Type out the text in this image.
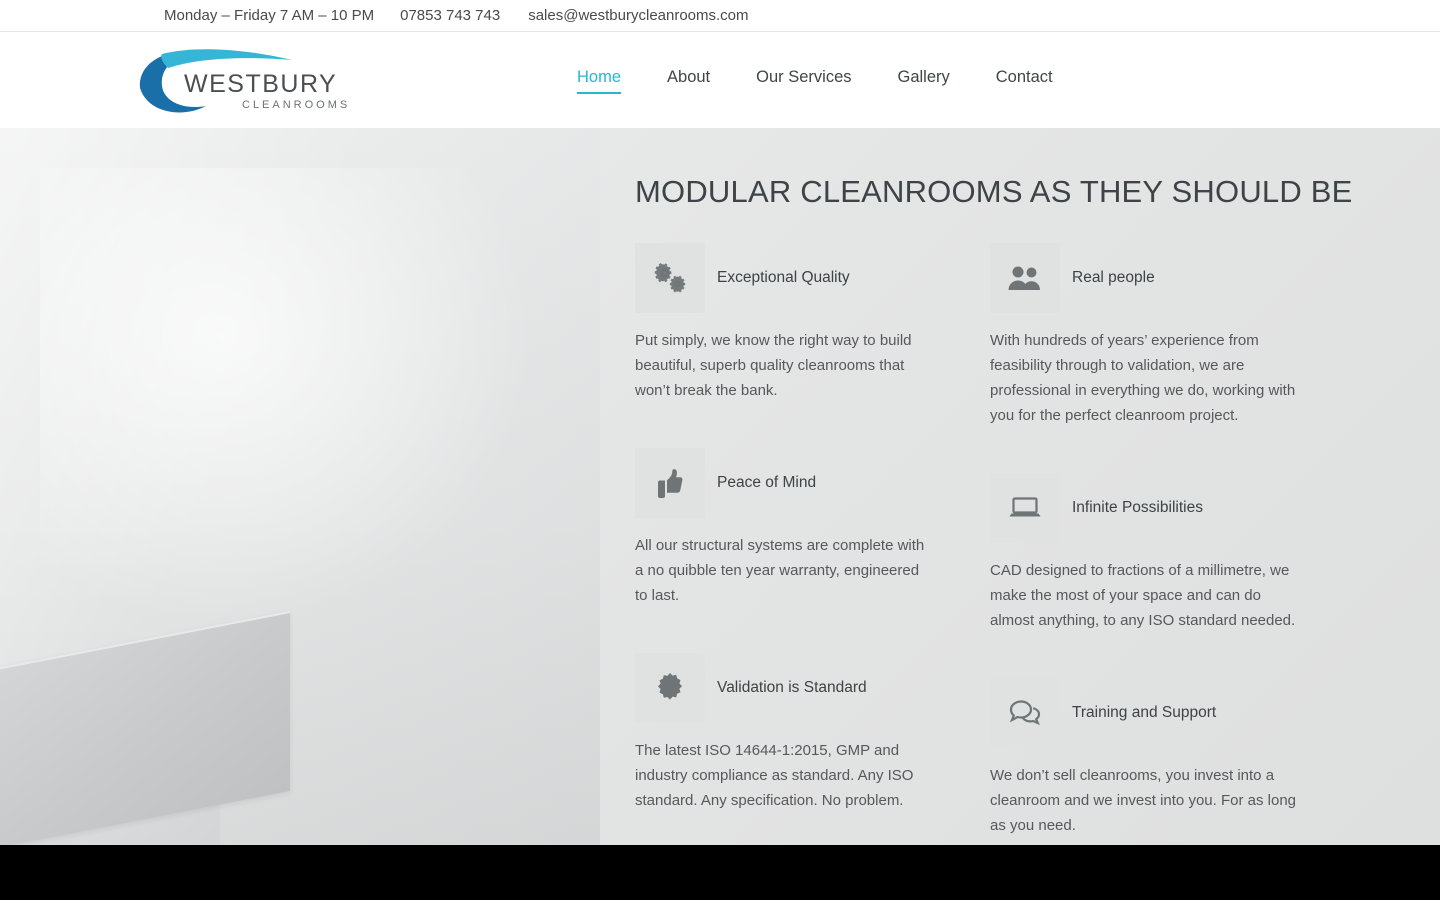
Monday – Friday 7 AM – 10 PM 07853 743 743 sales@westburycleanrooms.com
WESTBURY
CLEANROOMS
Home	About	Our Services	Gallery	Contact
MODULAR CLEANROOMS AS THEY SHOULD BE
Exceptional Quality
Put simply, we know the right way to build beautiful, superb quality cleanrooms that won’t break the bank.
Peace of Mind
All our structural systems are complete with a no quibble ten year warranty, engineered to last.
Validation is Standard
The latest ISO 14644-1:2015, GMP and industry compliance as standard. Any ISO standard. Any specification. No problem.
Real people
With hundreds of years’ experience from feasibility through to validation, we are professional in everything we do, working with you for the perfect cleanroom project.
Infinite Possibilities
CAD designed to fractions of a millimetre, we make the most of your space and can do almost anything, to any ISO standard needed.
Training and Support
We don’t sell cleanrooms, you invest into a cleanroom and we invest into you. For as long as you need.
